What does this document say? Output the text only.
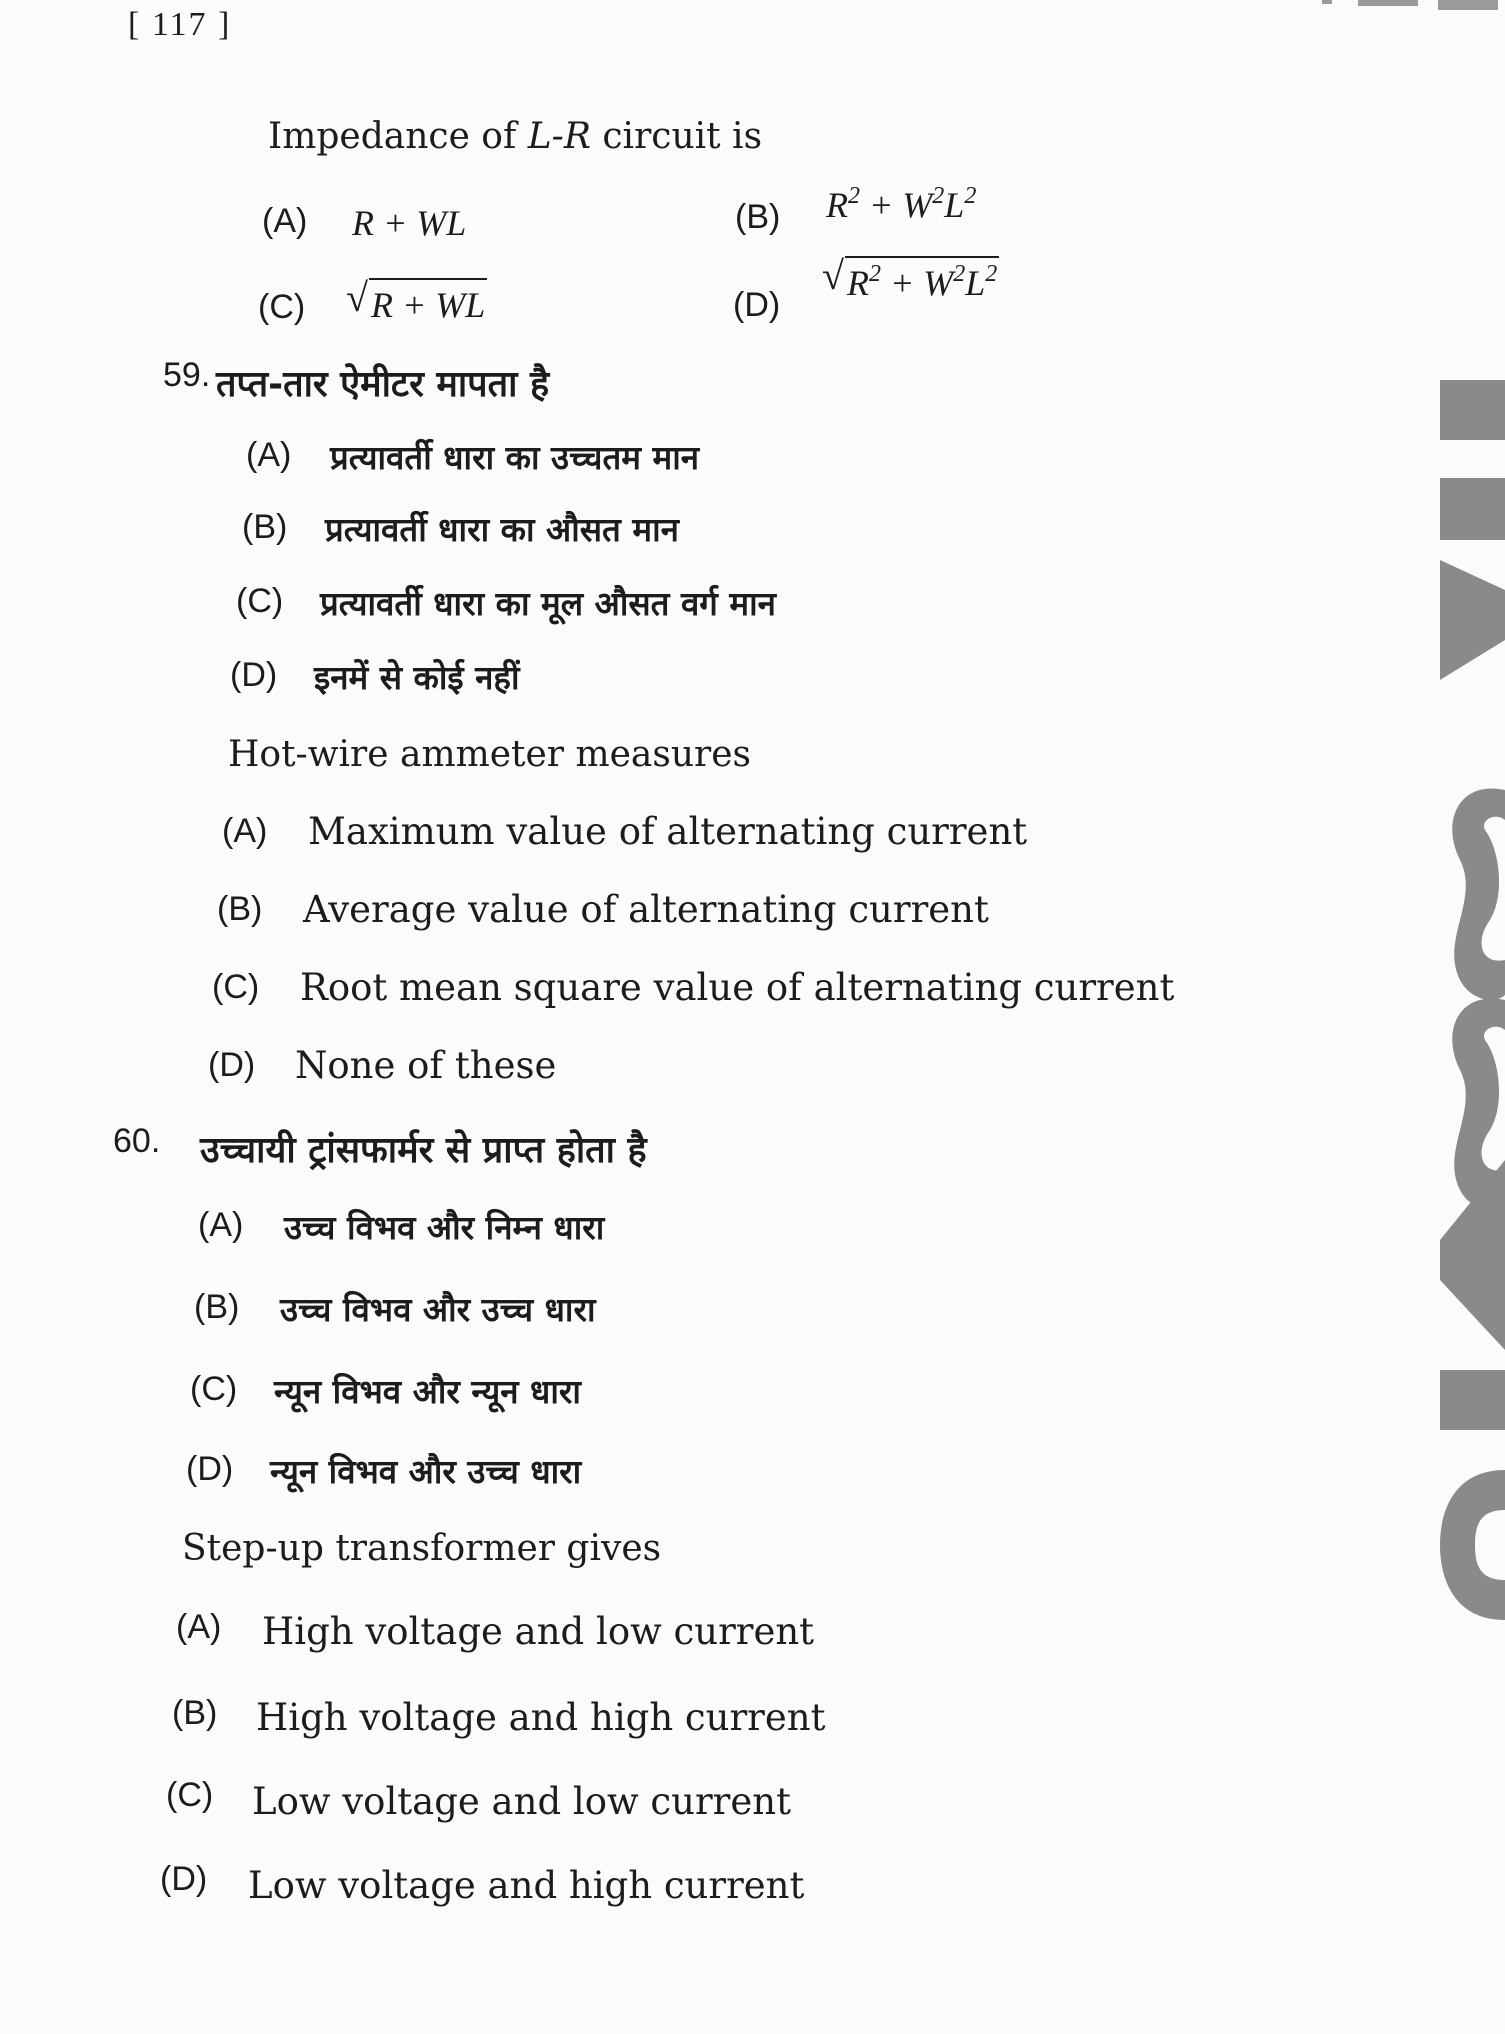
[ 117 ]
Impedance of L-R circuit is
(A) R + WL	(B) $R^2 + W^2L^2$
(C) √ R + WL	(D)
√ $R^2 + W^2L^2$
59. तप्त-तार ऐमीटर मापता है
(A) प्रत्यावर्ती धारा का उच्चतम मान
(B) प्रत्यावर्ती धारा का औसत मान
(C) प्रत्यावर्ती धारा का मूल औसत वर्ग मान
(D) इनमें से कोई नहीं
Hot-wire ammeter measures
(A) Maximum value of alternating current
(B) Average value of alternating current
(C) Root mean square value of alternating current
(D) None of these
60. उच्चायी ट्रांसफार्मर से प्राप्त होता है
(A) उच्च विभव और निम्न धारा
(B) उच्च विभव और उच्च धारा
(C) न्यून विभव और न्यून धारा
(D) न्यून विभव और उच्च धारा
Step-up transformer gives
(A) High voltage and low current
(B) High voltage and high current
(C) Low voltage and low current
(D) Low voltage and high current
